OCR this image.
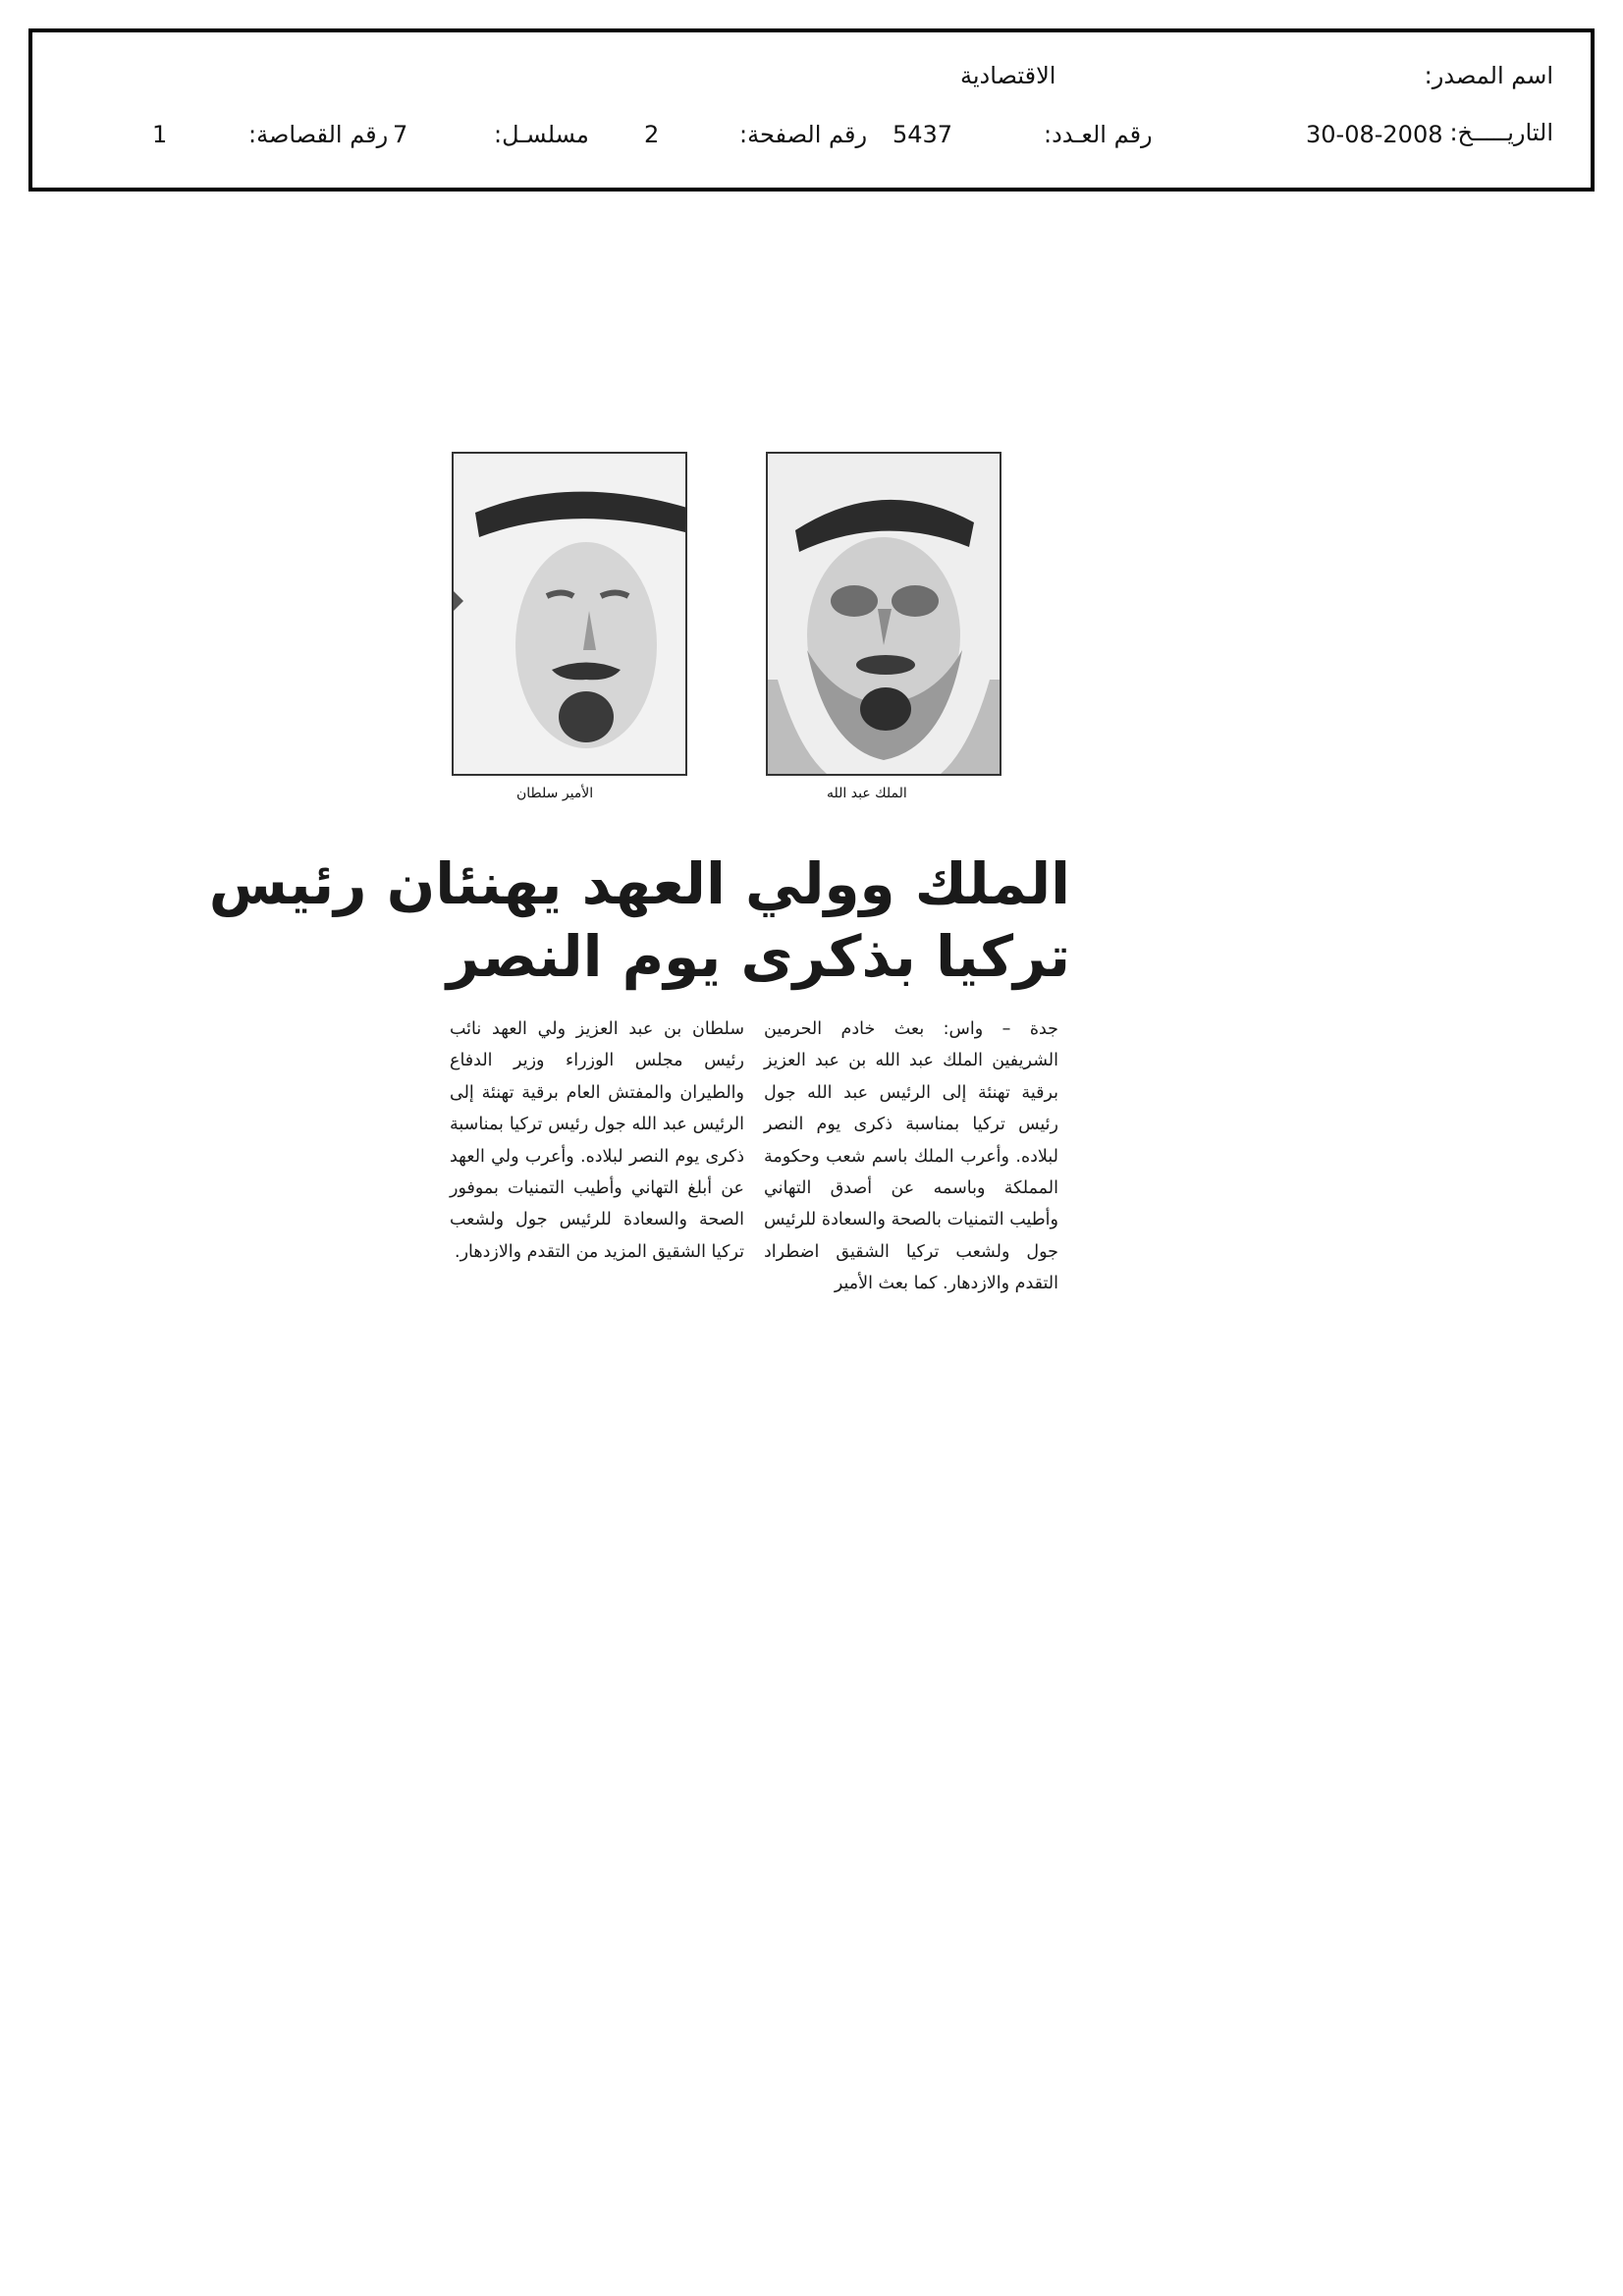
اسم المصدر:
الاقتصادية
التاريـــــخ:
30-08-2008
رقم العـدد:
5437
رقم الصفحة:
2
مسلسـل:
7
رقم القصاصة:
1
الملك عبد الله
الأمير سلطان
الملك وولي العهد يهنئان رئيس
تركيا بذكرى يوم النصر
جدة – واس: بعث خادم الحرمين الشريفين الملك عبد الله بن عبد العزيز برقية تهنئة إلى الرئيس عبد الله جول رئيس تركيا بمناسبة ذكرى يوم النصر لبلاده. وأعرب الملك باسم شعب وحكومة المملكة وباسمه عن أصدق التهاني وأطيب التمنيات بالصحة والسعادة للرئيس جول ولشعب تركيا الشقيق اضطراد التقدم والازدهار. كما بعث الأمير
سلطان بن عبد العزيز ولي العهد نائب رئيس مجلس الوزراء وزير الدفاع والطيران والمفتش العام برقية تهنئة إلى الرئيس عبد الله جول رئيس تركيا بمناسبة ذكرى يوم النصر لبلاده. وأعرب ولي العهد عن أبلغ التهاني وأطيب التمنيات بموفور الصحة والسعادة للرئيس جول ولشعب تركيا الشقيق المزيد من التقدم والازدهار.
